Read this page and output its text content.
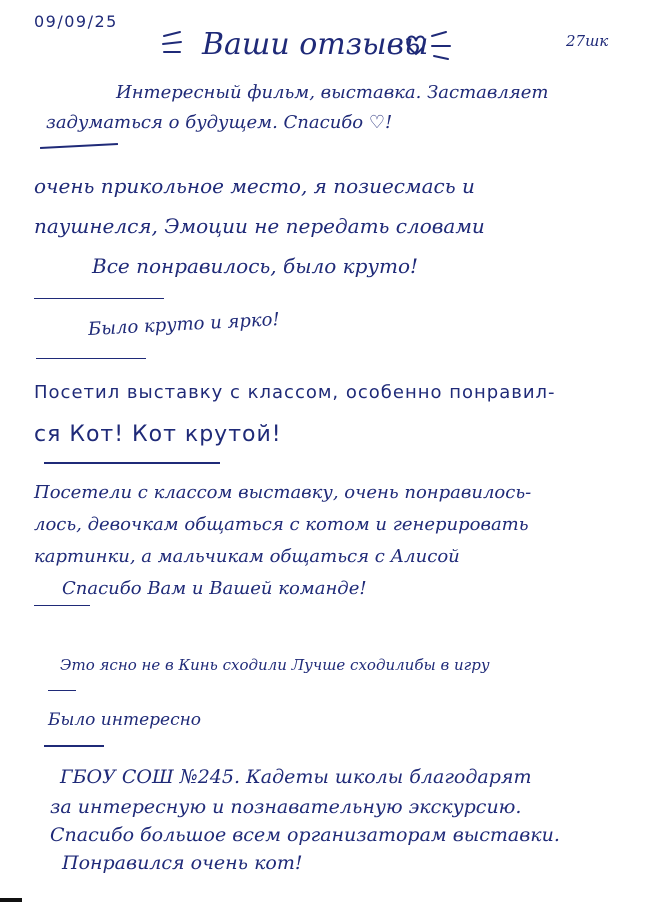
09/09/25
Ваши отзывы	27шк
Интересный фильм, выставка. Заставляет
задуматься о будущем. Спасибо ♡!
очень прикольное место, я позиесмась и
паушнелся, Эмоции не передать словами
Все понравилось, было круто!
Было круто и ярко!
Посетил выставку с классом, особенно понравил-
ся Кот! Кот крутой!
Посетели с классом выставку, очень понравилось-
лось, девочкам общаться с котом и генерировать
картинки, а мальчикам общаться с Алисой
Спасибо Вам и Вашей команде!
Это ясно не в Кинь сходили Лучше сходилибы в игру
Было интересно
ГБОУ СОШ №245. Кадеты школы благодарят
за интересную и познавательную экскурсию.
Спасибо большое всем организаторам выставки.
Понравился очень кот!
